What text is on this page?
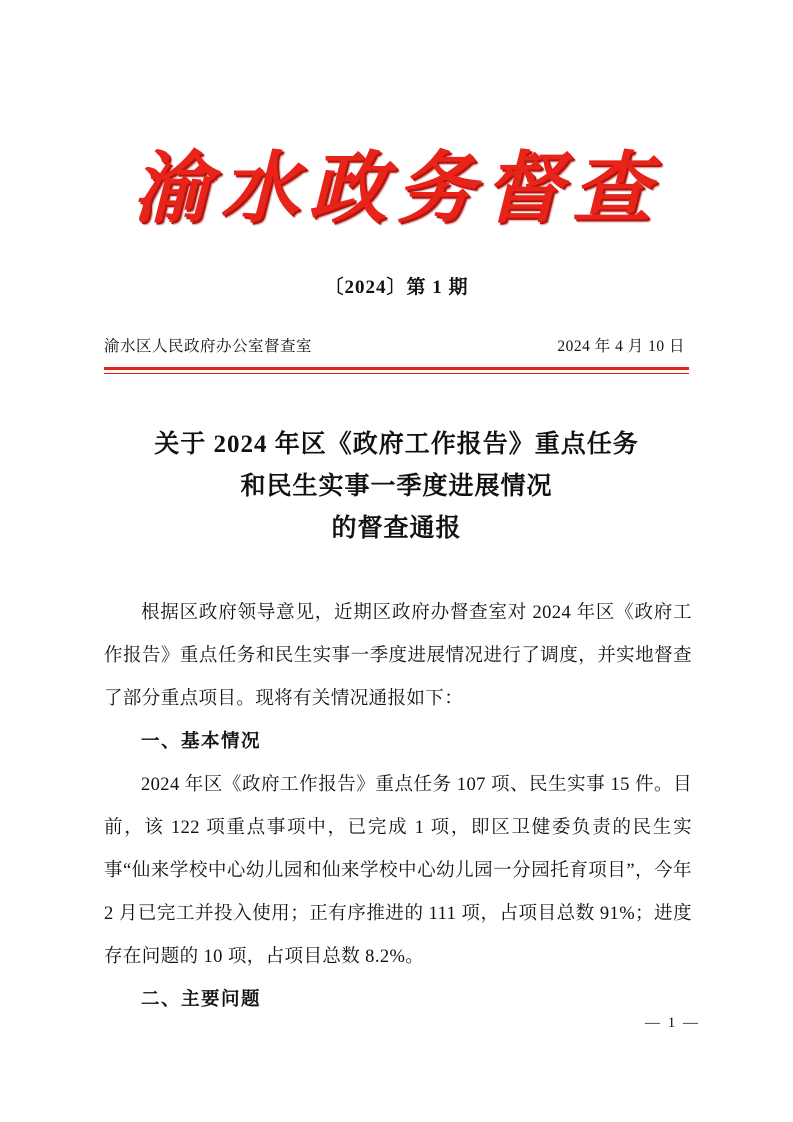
渝水政务督查
〔2024〕第 1 期
渝水区人民政府办公室督查室	2024 年 4 月 10 日
关于 2024 年区《政府工作报告》重点任务
和民生实事一季度进展情况
的督查通报

根据区政府领导意见，近期区政府办督查室对 2024 年区《政府工作报告》重点任务和民生实事一季度进展情况进行了调度，并实地督查了部分重点项目。现将有关情况通报如下：

一、基本情况

2024 年区《政府工作报告》重点任务 107 项、民生实事 15 件。目前，该 122 项重点事项中，已完成 1 项，即区卫健委负责的民生实事“仙来学校中心幼儿园和仙来学校中心幼儿园一分园托育项目”，今年 2 月已完工并投入使用；正有序推进的 111 项，占项目总数 91%；进度存在问题的 10 项，占项目总数 8.2%。

二、主要问题

— 1 —
